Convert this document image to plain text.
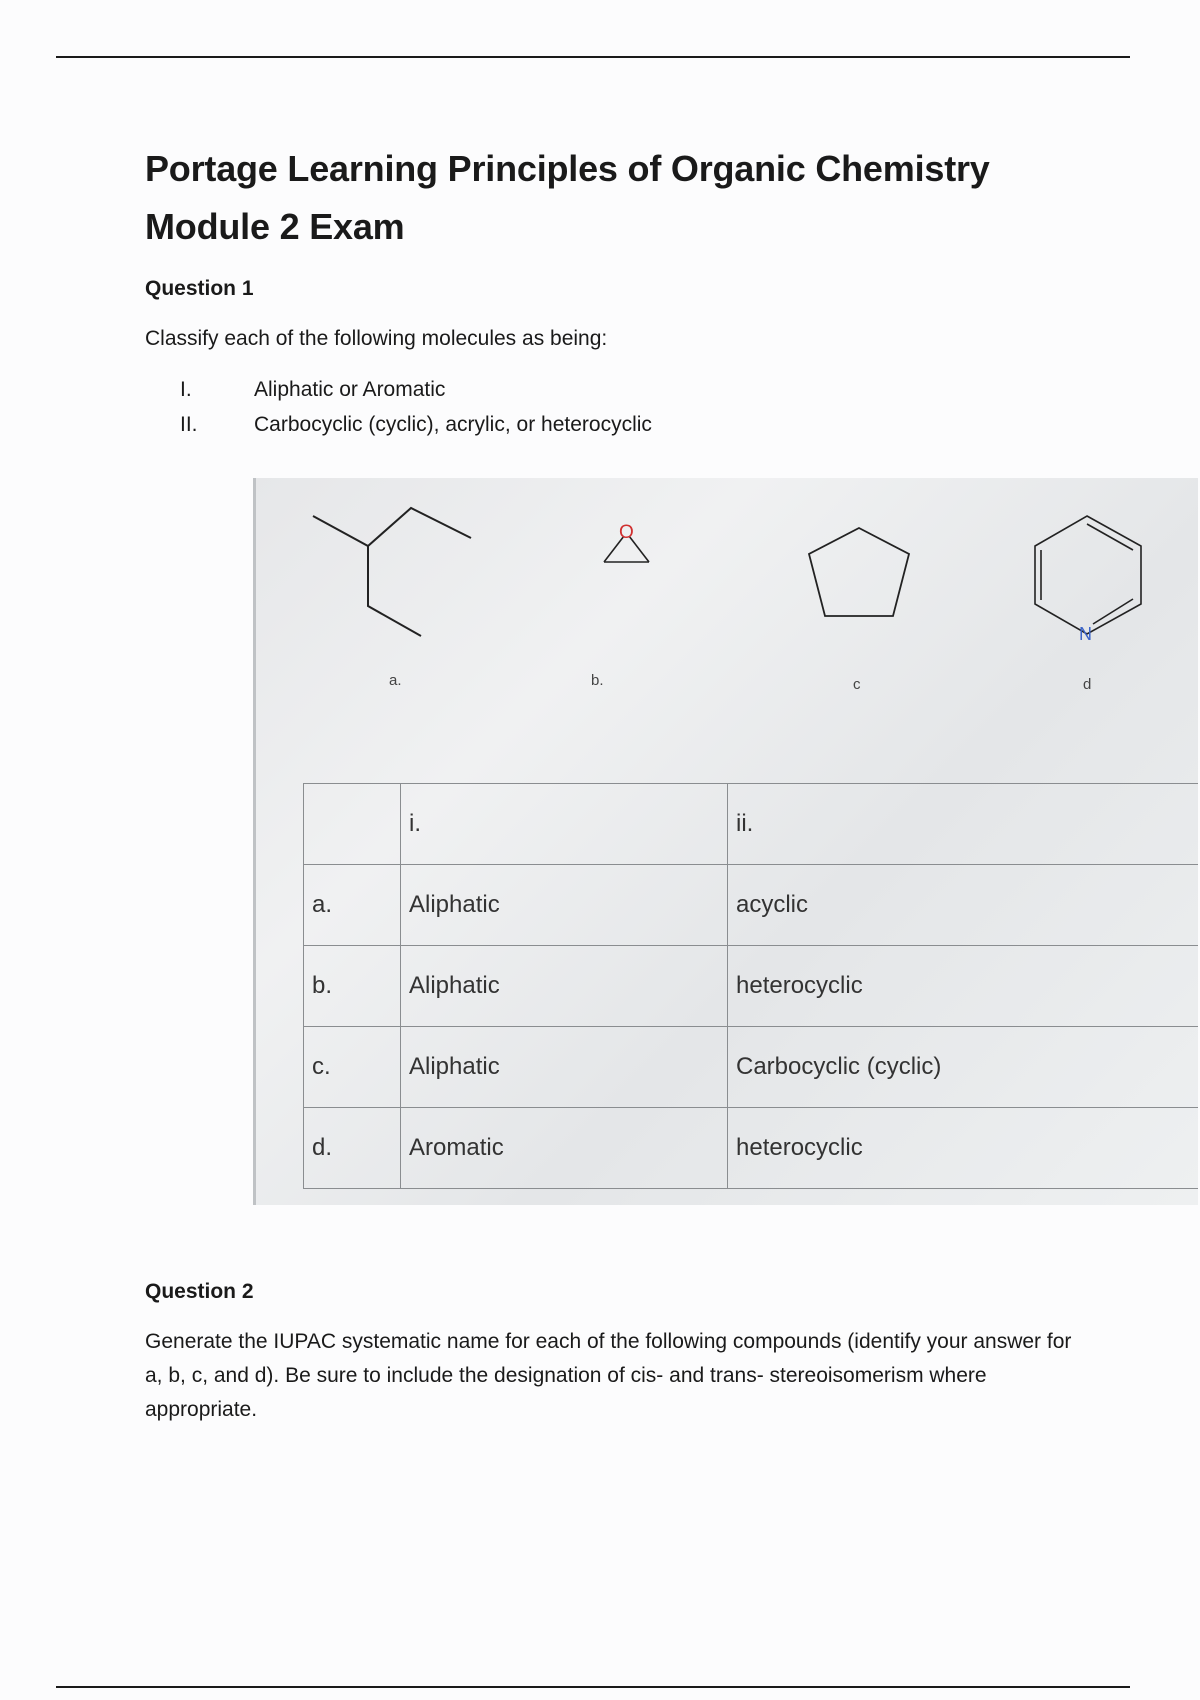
Portage Learning Principles of Organic Chemistry
Module 2 Exam

Question 1

Classify each of the following molecules as being:

I.	Aliphatic or Aromatic
II.	Carbocyclic (cyclic), acrylic, or heterocyclic
O
N
a.	b.	c	d
	i.	ii.
a.	Aliphatic	acyclic
b.	Aliphatic	heterocyclic
c.	Aliphatic	Carbocyclic (cyclic)
d.	Aromatic	heterocyclic

Question 2

Generate the IUPAC systematic name for each of the following compounds (identify your answer for a, b, c, and d). Be sure to include the designation of cis- and trans- stereoisomerism where appropriate.
